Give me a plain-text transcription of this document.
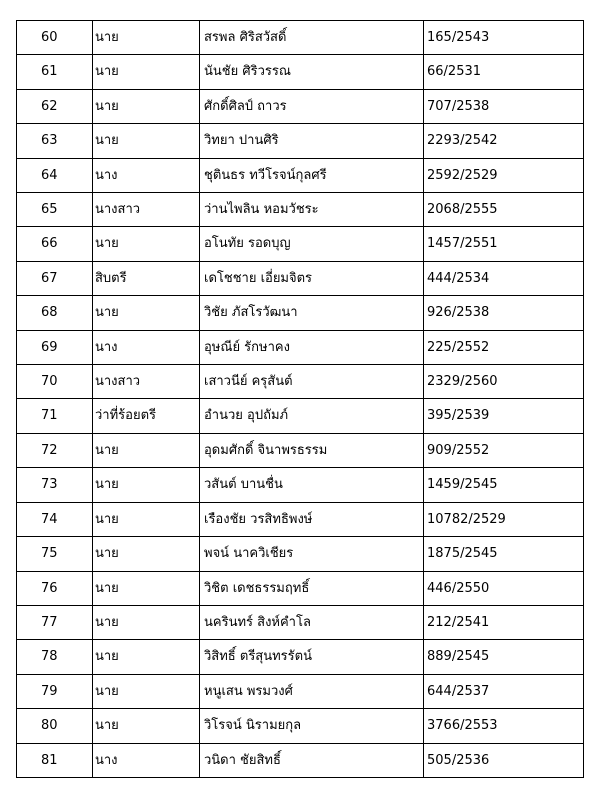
60	นาย	สรพล ศิริสวัสดิ์	165/2543
61	นาย	นันชัย ศิริวรรณ	66/2531
62	นาย	ศักดิ์ศิลป์ ถาวร	707/2538
63	นาย	วิทยา ปานศิริ	2293/2542
64	นาง	ชุตินธร ทวีโรจน์กุลศรี	2592/2529
65	นางสาว	ว่านไพลิน หอมวัชระ	2068/2555
66	นาย	อโนทัย รอดบุญ	1457/2551
67	สิบตรี	เดโชชาย เอี่ยมจิตร	444/2534
68	นาย	วิชัย ภัสโรวัฒนา	926/2538
69	นาง	อุษณีย์ รักษาคง	225/2552
70	นางสาว	เสาวนีย์ ครุสันต์	2329/2560
71	ว่าที่ร้อยตรี	อำนวย อุปถัมภ์	395/2539
72	นาย	อุดมศักดิ์ จินาพรธรรม	909/2552
73	นาย	วสันต์ บานชื่น	1459/2545
74	นาย	เรืองชัย วรสิทธิพงษ์	10782/2529
75	นาย	พจน์ นาควิเชียร	1875/2545
76	นาย	วิชิต เดชธรรมฤทธิ์	446/2550
77	นาย	นครินทร์ สิงห์คำโล	212/2541
78	นาย	วิสิทธิ์ ตรีสุนทรรัตน์	889/2545
79	นาย	หนูเสน พรมวงศ์	644/2537
80	นาย	วิโรจน์ นิรามยกุล	3766/2553
81	นาง	วนิดา ชัยสิทธิ์	505/2536
